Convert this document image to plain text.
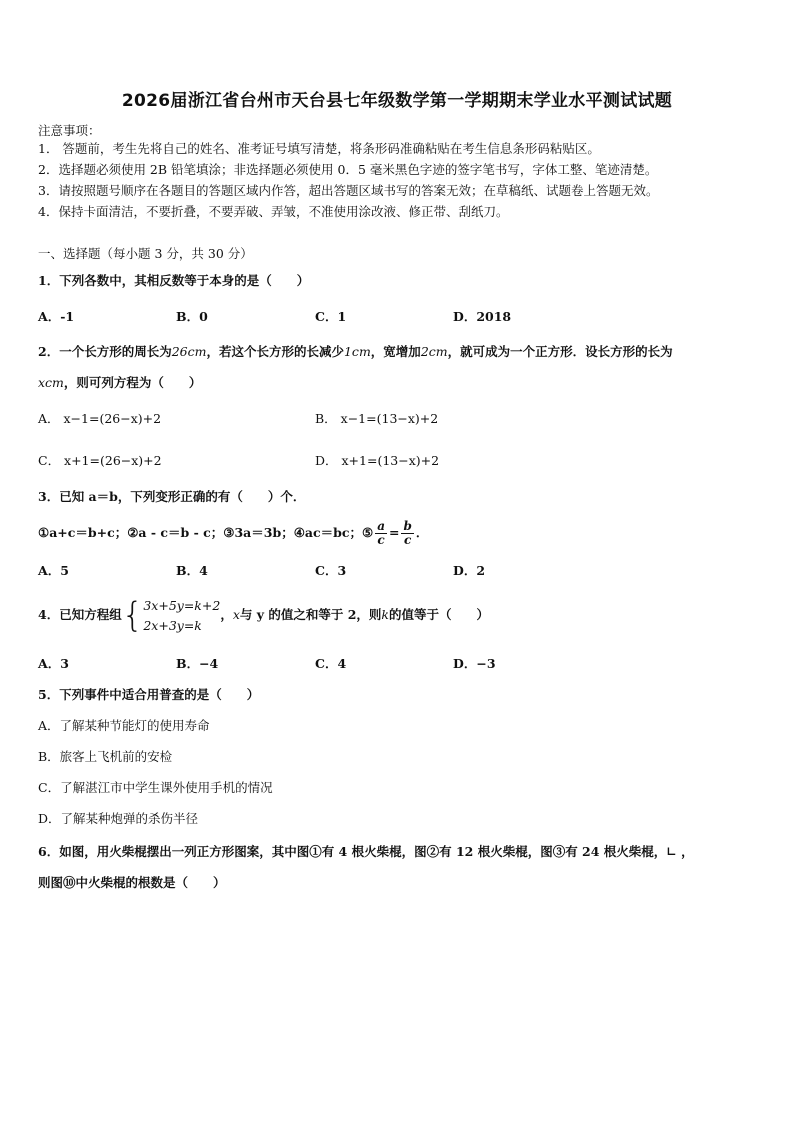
2026届浙江省台州市天台县七年级数学第一学期期末学业水平测试试题
注意事项：
1． 答题前，考生先将自己的姓名、准考证号填写清楚，将条形码准确粘贴在考生信息条形码粘贴区。
2．选择题必须使用 2B 铅笔填涂；非选择题必须使用 0．5 毫米黑色字迹的签字笔书写，字体工整、笔迹清楚。
3．请按照题号顺序在各题目的答题区域内作答，超出答题区域书写的答案无效；在草稿纸、试题卷上答题无效。
4．保持卡面清洁，不要折叠，不要弄破、弄皱，不准使用涂改液、修正带、刮纸刀。
一、选择题（每小题 3 分，共 30 分）
1．下列各数中，其相反数等于本身的是（　　）
A．-1	B．0	C．1	D．2018
2．一个长方形的周长为26cm，若这个长方形的长减少1cm，宽增加2cm，就可成为一个正方形．设长方形的长为
xcm，则可列方程为（　　）
A． x−1=(26−x)+2	B． x−1=(13−x)+2
C． x+1=(26−x)+2	D． x+1=(13−x)+2
3．已知 a＝b，下列变形正确的有（　　）个．
①a+c＝b+c；②a - c＝b - c；③3a＝3b；④ac＝bc；⑤ $\frac{a}{c} = \frac{b}{c}$ ．
A．5	B．4	C．3	D．2
4．已知方程组{ 3x+5y=k+2
2x+3y=k
，x与 y 的值之和等于 2，则k的值等于（　　）
A．3	B．−4	C．4	D．−3
5．下列事件中适合用普查的是（　　）
A．了解某种节能灯的使用寿命
B．旅客上飞机前的安检
C．了解湛江市中学生课外使用手机的情况
D．了解某种炮弹的杀伤半径
6．如图，用火柴棍摆出一列正方形图案，其中图①有 4 根火柴棍，图②有 12 根火柴棍，图③有 24 根火柴棍，∟ ，
则图⑩中火柴棍的根数是（　　）
